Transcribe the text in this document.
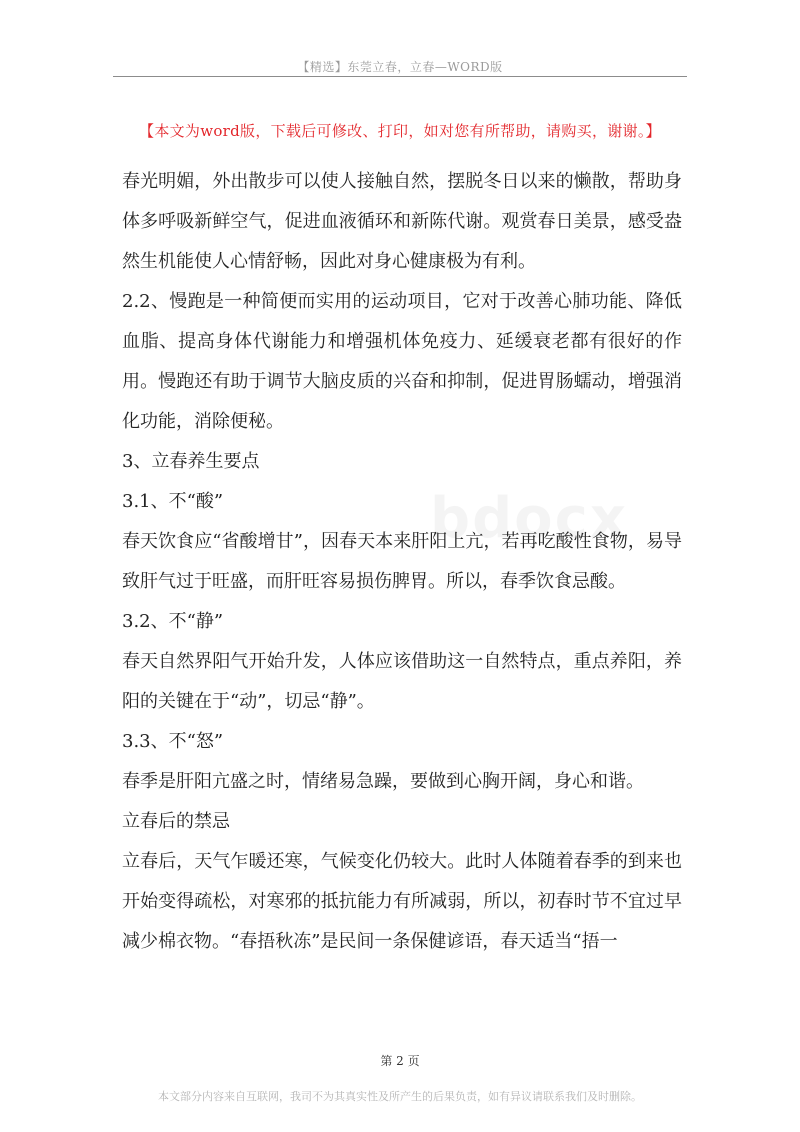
【精选】东莞立春，立春—WORD版
【本文为word版，下载后可修改、打印，如对您有所帮助，请购买，谢谢。】

春光明媚，外出散步可以使人接触自然，摆脱冬日以来的懒散，帮助身体多呼吸新鲜空气，促进血液循环和新陈代谢。观赏春日美景，感受盎然生机能使人心情舒畅，因此对身心健康极为有利。

2.2、慢跑是一种简便而实用的运动项目，它对于改善心肺功能、降低血脂、提高身体代谢能力和增强机体免疫力、延缓衰老都有很好的作用。慢跑还有助于调节大脑皮质的兴奋和抑制，促进胃肠蠕动，增强消化功能，消除便秘。

3、立春养生要点

3.1、不“酸”

春天饮食应“省酸增甘”，因春天本来肝阳上亢，若再吃酸性食物，易导致肝气过于旺盛，而肝旺容易损伤脾胃。所以，春季饮食忌酸。

3.2、不“静”

春天自然界阳气开始升发，人体应该借助这一自然特点，重点养阳，养阳的关键在于“动”，切忌“静”。

3.3、不“怒”

春季是肝阳亢盛之时，情绪易急躁，要做到心胸开阔，身心和谐。

立春后的禁忌

立春后，天气乍暖还寒，气候变化仍较大。此时人体随着春季的到来也开始变得疏松，对寒邪的抵抗能力有所减弱，所以，初春时节不宜过早减少棉衣物。“春捂秋冻”是民间一条保健谚语，春天适当“捂一

第 2 页
本文部分内容来自互联网，我司不为其真实性及所产生的后果负责，如有异议请联系我们及时删除。
